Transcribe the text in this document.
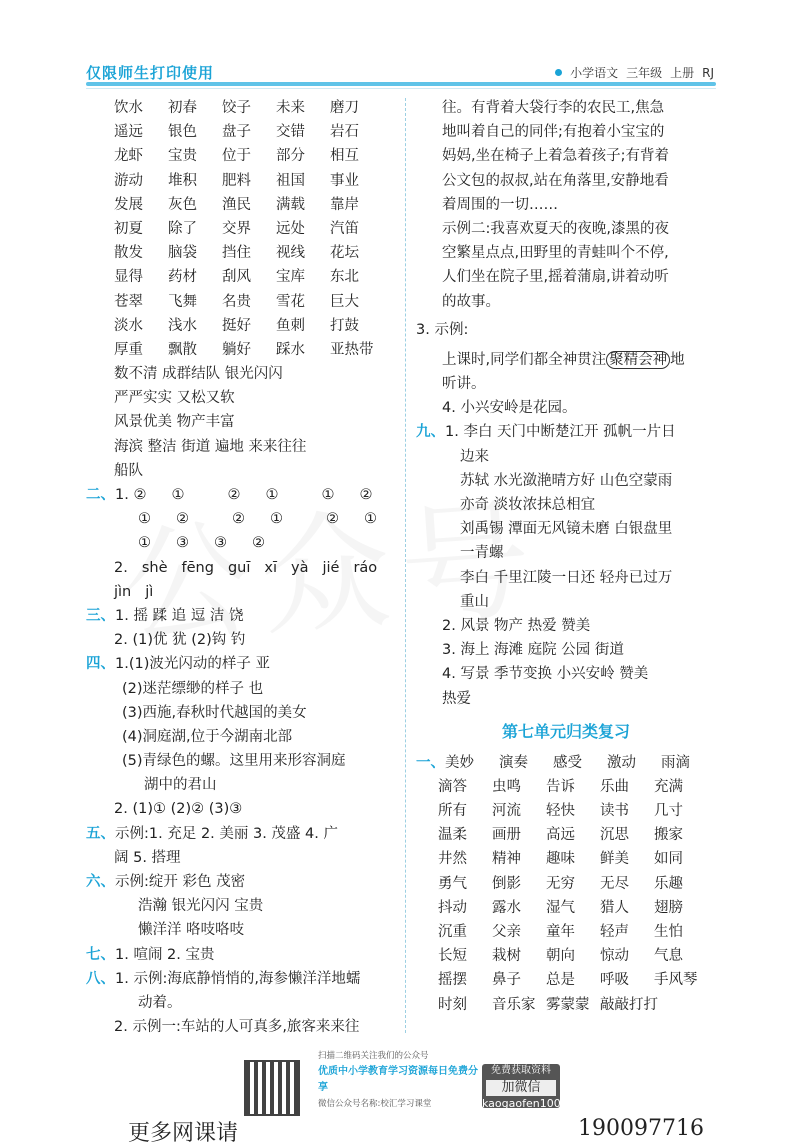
仅限师生打印使用	小学语文 三年级 上册 RJ
饮水 初春 饺子 未来 磨刀
遥远 银色 盘子 交错 岩石
龙虾 宝贵 位于 部分 相互
游动 堆积 肥料 祖国 事业
发展 灰色 渔民 满载 靠岸
初夏 除了 交界 远处 汽笛
散发 脑袋 挡住 视线 花坛
显得 药材 刮风 宝库 东北
苍翠 飞舞 名贵 雪花 巨大
淡水 浅水 挺好 鱼刺 打鼓
厚重 飘散 躺好 踩水 亚热带
数不清 成群结队 银光闪闪
严严实实 又松又软
风景优美 物产丰富
海滨 整洁 街道 遍地 来来往往
船队
二、1. ② ①	② ①	① ②
① ②	② ①	② ①
① ③ ③ ②
2. shè fēng guī xī yà jié ráo
jìn jì
三、1. 摇 蹂 追 逗 洁 饶
2. (1)优 犹 (2)钩 钓
四、1.(1)波光闪动的样子 亚
(2)迷茫缥缈的样子 也
(3)西施,春秋时代越国的美女
(4)洞庭湖,位于今湖南北部
(5)青绿色的螺。这里用来形容洞庭
湖中的君山
2. (1)① (2)② (3)③
五、示例:1. 充足 2. 美丽 3. 茂盛 4. 广
阔 5. 搭理
六、示例:绽开 彩色 茂密
浩瀚 银光闪闪 宝贵
懒洋洋 咯吱咯吱
七、1. 喧闹 2. 宝贵
八、1. 示例:海底静悄悄的,海参懒洋洋地蠕
动着。
2. 示例一:车站的人可真多,旅客来来往
往。有背着大袋行李的农民工,焦急
地叫着自己的同伴;有抱着小宝宝的
妈妈,坐在椅子上着急着孩子;有背着
公文包的叔叔,站在角落里,安静地看
着周围的一切……
示例二:我喜欢夏天的夜晚,漆黑的夜
空繁星点点,田野里的青蛙叫个不停,
人们坐在院子里,摇着蒲扇,讲着动听
的故事。
3. 示例:
上课时,同学们都全神贯注 聚精会神 地
听讲。
4. 小兴安岭是花园。
九、1. 李白 天门中断楚江开 孤帆一片日
边来
苏轼 水光潋滟晴方好 山色空蒙雨
亦奇 淡妆浓抹总相宜
刘禹锡 潭面无风镜未磨 白银盘里
一青螺
李白 千里江陵一日还 轻舟已过万
重山
2. 风景 物产 热爱 赞美
3. 海上 海滩 庭院 公园 街道
4. 写景 季节变换 小兴安岭 赞美
热爱
第七单元归类复习
一、美妙 演奏 感受 激动 雨滴
滴答 虫鸣 告诉 乐曲 充满
所有 河流 轻快 读书 几寸
温柔 画册 高远 沉思 搬家
井然 精神 趣味 鲜美 如同
勇气 倒影 无穷 无尽 乐趣
抖动 露水 湿气 猎人 翅膀
沉重 父亲 童年 轻声 生怕
长短 栽树 朝向 惊动 气息
摇摆 鼻子 总是 呼吸 手风琴
时刻 音乐家 雾蒙蒙 敲敲打打
更多网课请
扫描二维码关注我们的公众号
优质中小学教育学习资源每日免费分享
微信公众号名称:校汇学习课堂
免费获取资料
加微信
kaogaofen100
190097716
